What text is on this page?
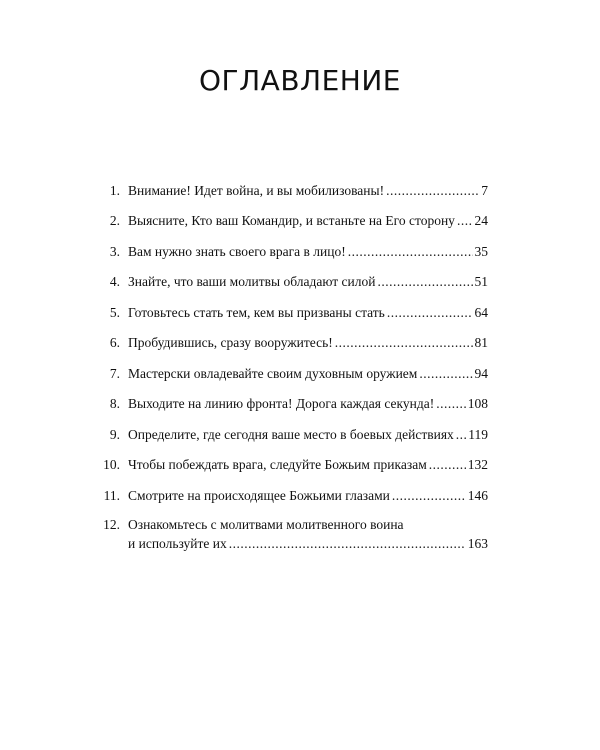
ОГЛАВЛЕНИЕ
1. Внимание! Идет война, и вы мобилизованы! .....	7
2. Выясните, Кто ваш Командир, и встаньте на Его сторону ..... 24
3. Вам нужно знать своего врага в лицо! .....	35
4. Знайте, что ваши молитвы обладают силой .....	51
5. Готовьтесь стать тем, кем вы призваны стать .....	64
6. Пробудившись, сразу вооружитесь! .....	81
7. Мастерски овладевайте своим духовным оружием .....	94
8. Выходите на линию фронта! Дорога каждая секунда! ..... 108
9. Определите, где сегодня ваше место в боевых действиях ..... 119
10. Чтобы побеждать врага, следуйте Божьим приказам .....	132
11. Смотрите на происходящее Божьими глазами .....	146
12. Ознакомьтесь с молитвами молитвенного воина
и используйте их .....	163
